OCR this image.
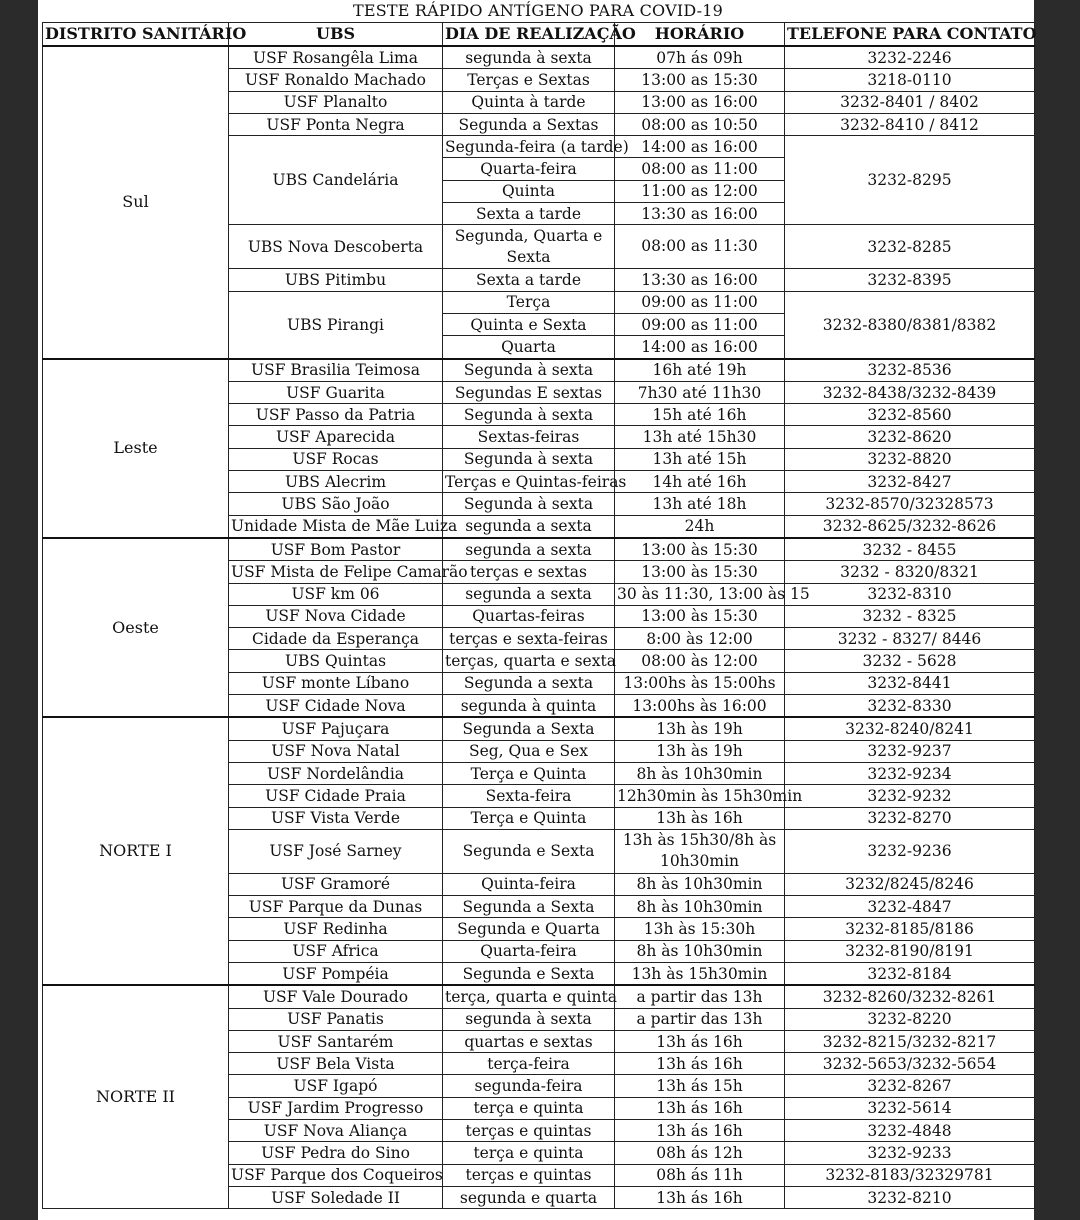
TESTE RÁPIDO ANTÍGENO PARA COVID-19
DISTRITO SANITÁRIO	UBS	DIA DE REALIZAÇÃO	HORÁRIO	TELEFONE PARA CONTATO
Sul	USF Rosangêla Lima	segunda à sexta	07h ás 09h	3232-2246
	USF Ronaldo Machado	Terças e Sextas	13:00 as 15:30	3218-0110
	USF Planalto	Quinta à tarde	13:00 as 16:00	3232-8401 / 8402
	USF Ponta Negra	Segunda a Sextas	08:00 as 10:50	3232-8410 / 8412
	UBS Candelária	Segunda-feira (a tarde)	14:00 as 16:00	3232-8295
		Quarta-feira	08:00 as 11:00	
		Quinta	11:00 as 12:00	
		Sexta a tarde	13:30 as 16:00	
	UBS Nova Descoberta	Segunda, Quarta e Sexta	08:00 as 11:30	3232-8285
	UBS Pitimbu	Sexta a tarde	13:30 as 16:00	3232-8395
	UBS Pirangi	Terça	09:00 as 11:00	3232-8380/8381/8382
		Quinta e Sexta	09:00 as 11:00	
		Quarta	14:00 as 16:00	
Leste	USF Brasilia Teimosa	Segunda à sexta	16h até 19h	3232-8536
	USF Guarita	Segundas E sextas	7h30 até 11h30	3232-8438/3232-8439
	USF Passo da Patria	Segunda à sexta	15h até 16h	3232-8560
	USF Aparecida	Sextas-feiras	13h até 15h30	3232-8620
	USF Rocas	Segunda à sexta	13h até 15h	3232-8820
	UBS Alecrim	Terças e Quintas-feiras	14h até 16h	3232-8427
	UBS São João	Segunda à sexta	13h até 18h	3232-8570/32328573
	Unidade Mista de Mãe Luiza	segunda a sexta	24h	3232-8625/3232-8626
Oeste	USF Bom Pastor	segunda a sexta	13:00 às 15:30	3232 - 8455
	USF Mista de Felipe Camarão	terças e sextas	13:00 às 15:30	3232 - 8320/8321
	USF km 06	segunda a sexta	30 às 11:30, 13:00 às 15	3232-8310
	USF Nova Cidade	Quartas-feiras	13:00 às 15:30	3232 - 8325
	Cidade da Esperança	terças e sexta-feiras	8:00 às 12:00	3232 - 8327/ 8446
	UBS Quintas	terças, quarta e sexta	08:00 às 12:00	3232 - 5628
	USF monte Líbano	Segunda a sexta	13:00hs às 15:00hs	3232-8441
	USF Cidade Nova	segunda à quinta	13:00hs às 16:00	3232-8330
NORTE I	USF Pajuçara	Segunda a Sexta	13h às 19h	3232-8240/8241
	USF Nova Natal	Seg, Qua e Sex	13h às 19h	3232-9237
	USF Nordelândia	Terça e Quinta	8h às 10h30min	3232-9234
	USF Cidade Praia	Sexta-feira	12h30min às 15h30min	3232-9232
	USF Vista Verde	Terça e Quinta	13h às 16h	3232-8270
	USF José Sarney	Segunda e Sexta	13h às 15h30/8h às 10h30min	3232-9236
	USF Gramoré	Quinta-feira	8h às 10h30min	3232/8245/8246
	USF Parque da Dunas	Segunda a Sexta	8h às 10h30min	3232-4847
	USF Redinha	Segunda e Quarta	13h às 15:30h	3232-8185/8186
	USF Africa	Quarta-feira	8h às 10h30min	3232-8190/8191
	USF Pompéia	Segunda e Sexta	13h às 15h30min	3232-8184
NORTE II	USF Vale Dourado	terça, quarta e quinta	a partir das 13h	3232-8260/3232-8261
	USF Panatis	segunda à sexta	a partir das 13h	3232-8220
	USF Santarém	quartas e sextas	13h ás 16h	3232-8215/3232-8217
	USF Bela Vista	terça-feira	13h ás 16h	3232-5653/3232-5654
	USF Igapó	segunda-feira	13h ás 15h	3232-8267
	USF Jardim Progresso	terça e quinta	13h ás 16h	3232-5614
	USF Nova Aliança	terças e quintas	13h ás 16h	3232-4848
	USF Pedra do Sino	terça e quinta	08h ás 12h	3232-9233
	USF Parque dos Coqueiros	terças e quintas	08h ás 11h	3232-8183/32329781
	USF Soledade II	segunda e quarta	13h ás 16h	3232-8210
